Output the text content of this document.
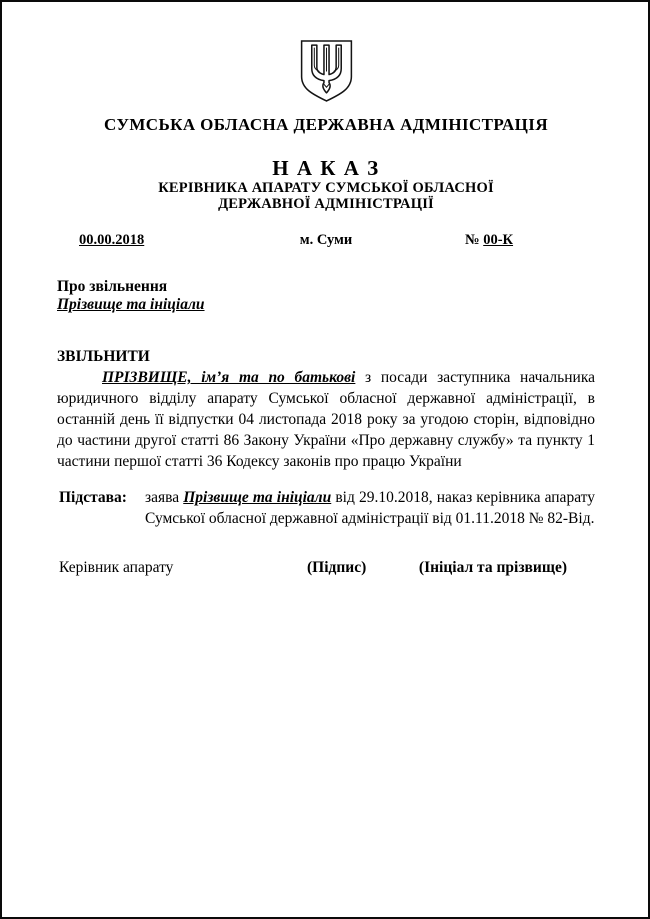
СУМСЬКА ОБЛАСНА ДЕРЖАВНА АДМІНІСТРАЦІЯ
Н А К А З
КЕРІВНИКА АПАРАТУ СУМСЬКОЇ ОБЛАСНОЇ
ДЕРЖАВНОЇ АДМІНІСТРАЦІЇ
00.00.2018	м. Суми	№ 00-К
Про звільнення
Прізвище та ініціали
ЗВІЛЬНИТИ

ПРІЗВИЩЕ, ім’я та по батькові з посади заступника начальника юридичного відділу апарату Сумської обласної державної адміністрації, в останній день її відпустки 04 листопада 2018 року за угодою сторін, відповідно до частини другої статті 86 Закону України «Про державну службу» та пункту 1 частини першої статті 36 Кодексу законів про працю України

Підстава: заява Прізвище та ініціали від 29.10.2018, наказ керівника апарату Сумської обласної державної адміністрації від 01.11.2018 № 82-Від.

Керівник апарату	(Підпис)	(Ініціал та прізвище)
